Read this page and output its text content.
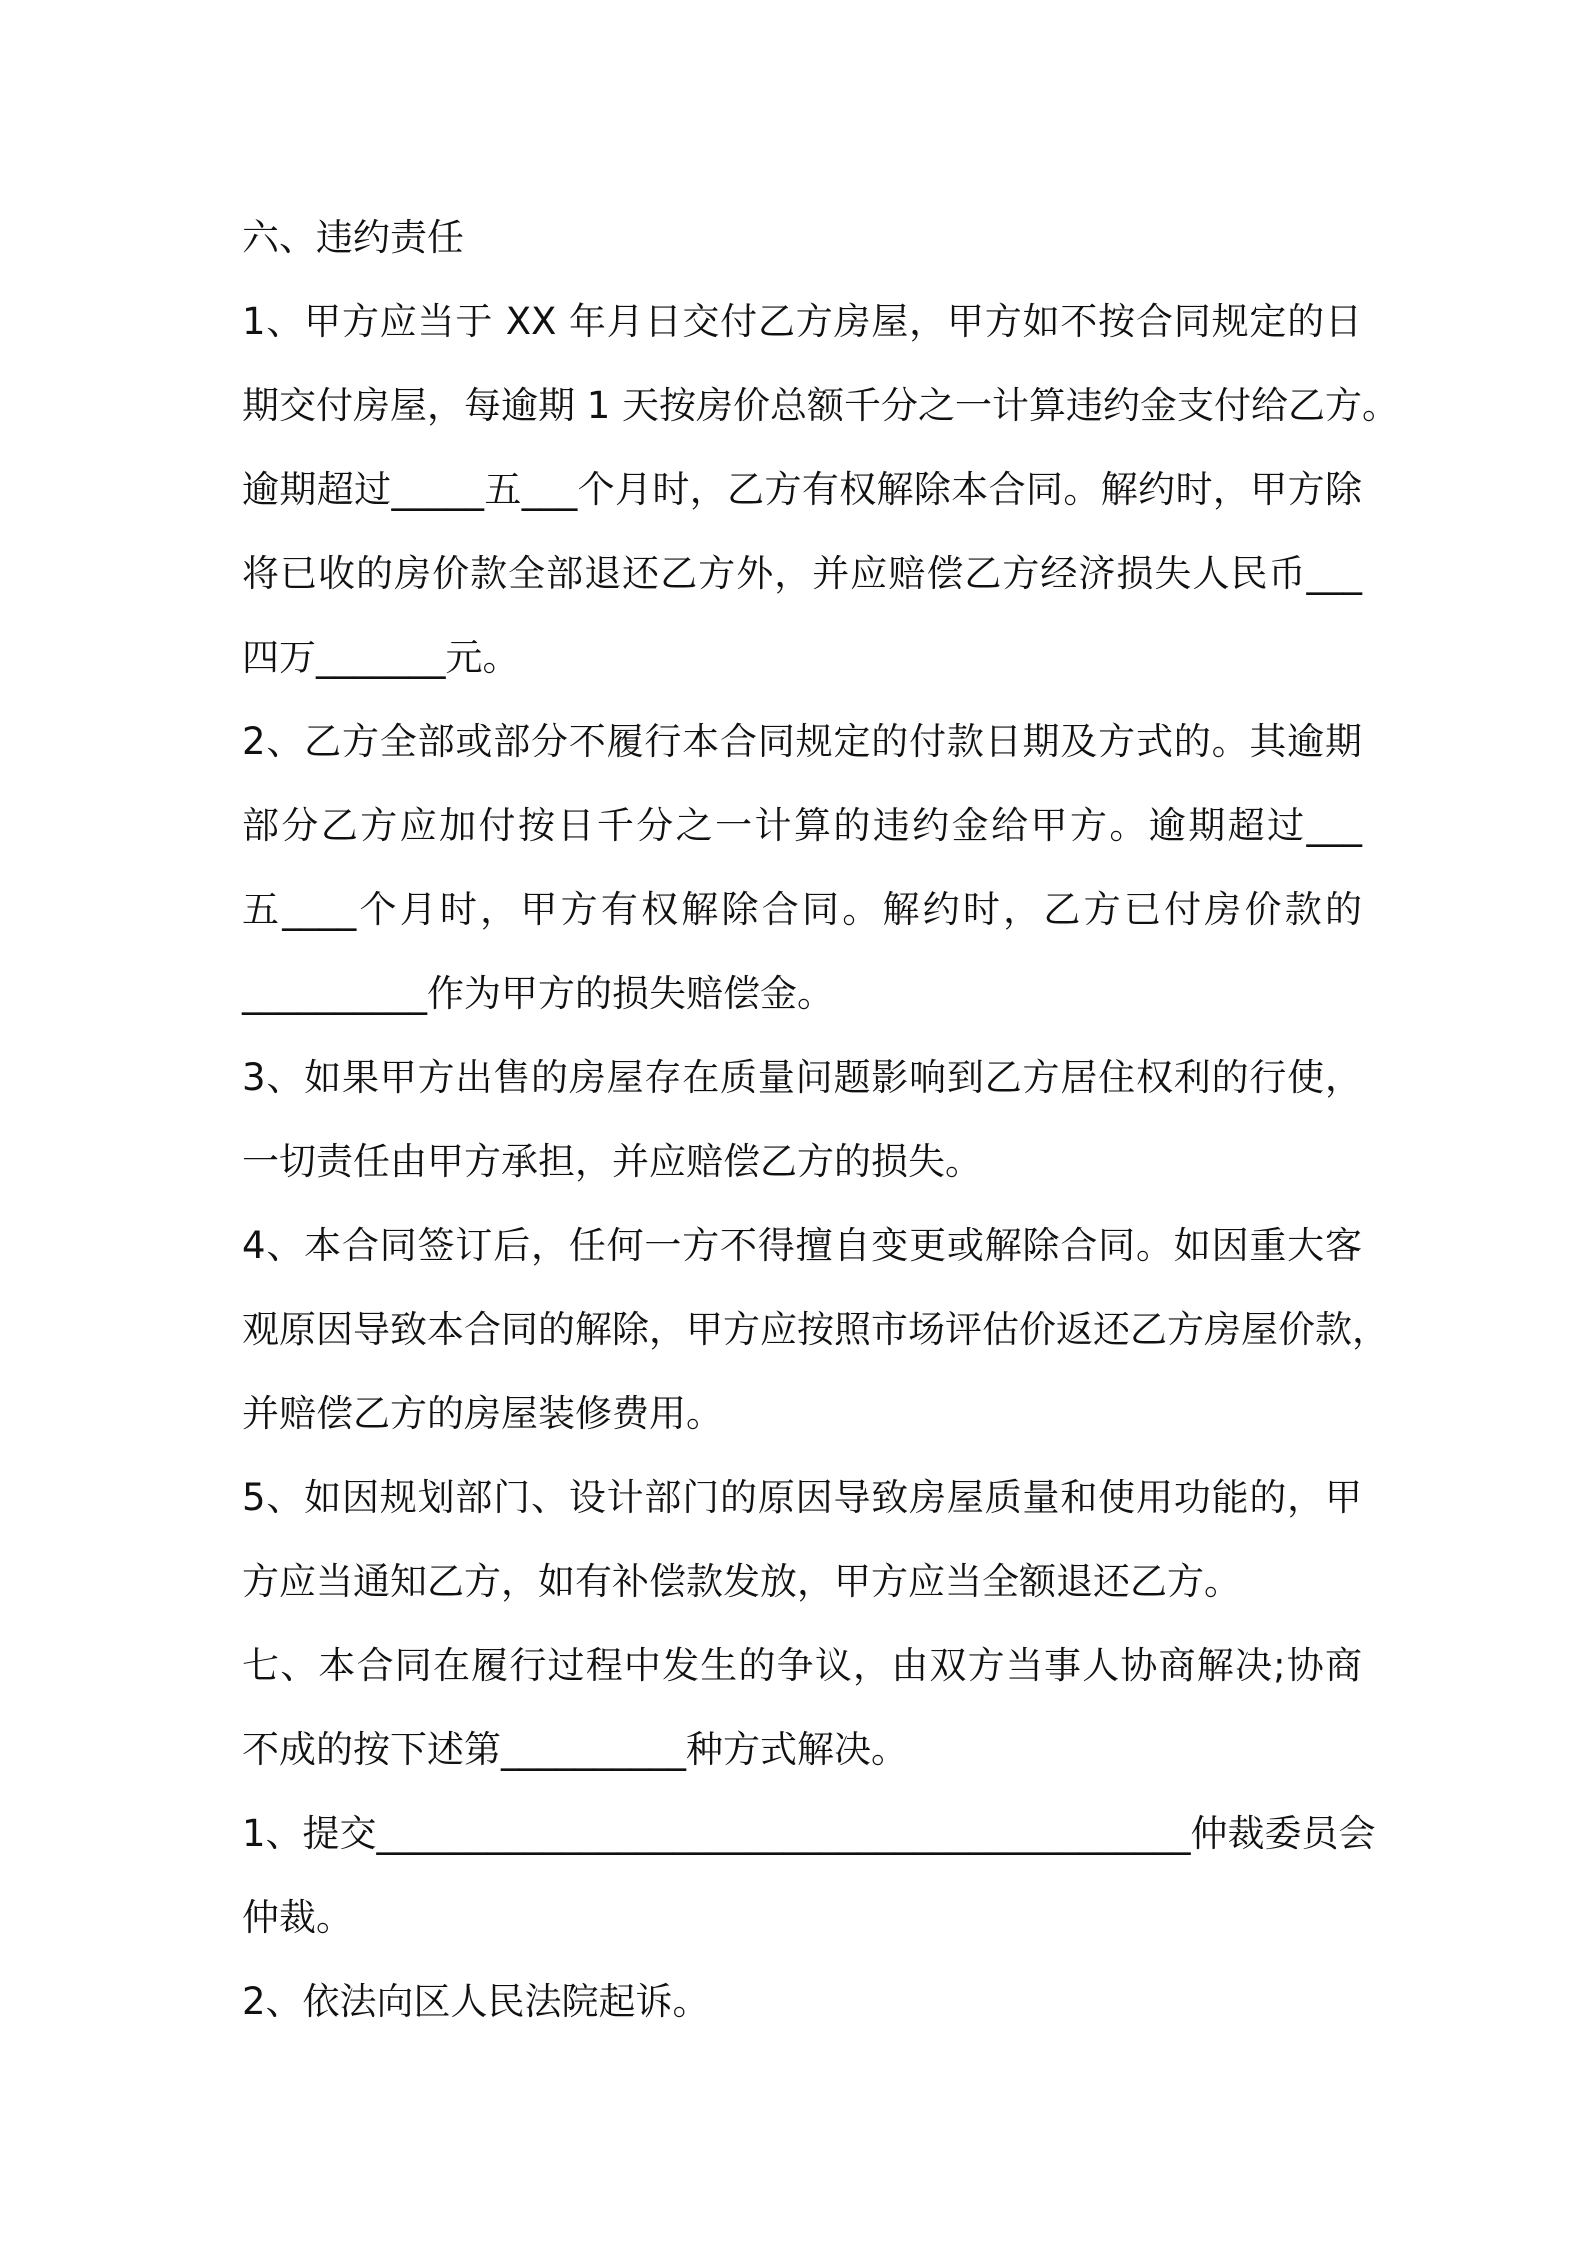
六、违约责任
1、甲方应当于 XX 年月日交付乙方房屋，甲方如不按合同规定的日
期交付房屋，每逾期 1 天按房价总额千分之一计算违约金支付给乙方。
逾期超过_____五___个月时，乙方有权解除本合同。解约时，甲方除
将已收的房价款全部退还乙方外，并应赔偿乙方经济损失人民币___
四万_______元。
2、乙方全部或部分不履行本合同规定的付款日期及方式的。其逾期
部分乙方应加付按日千分之一计算的违约金给甲方。逾期超过___
五____个月时，甲方有权解除合同。解约时，乙方已付房价款的
__________作为甲方的损失赔偿金。
3、如果甲方出售的房屋存在质量问题影响到乙方居住权利的行使，
一切责任由甲方承担，并应赔偿乙方的损失。
4、本合同签订后，任何一方不得擅自变更或解除合同。如因重大客
观原因导致本合同的解除，甲方应按照市场评估价返还乙方房屋价款，
并赔偿乙方的房屋装修费用。
5、如因规划部门、设计部门的原因导致房屋质量和使用功能的，甲
方应当通知乙方，如有补偿款发放，甲方应当全额退还乙方。
七、本合同在履行过程中发生的争议，由双方当事人协商解决;协商
不成的按下述第__________种方式解决。
1、提交____________________________________________仲裁委员会
仲裁。
2、依法向区人民法院起诉。
